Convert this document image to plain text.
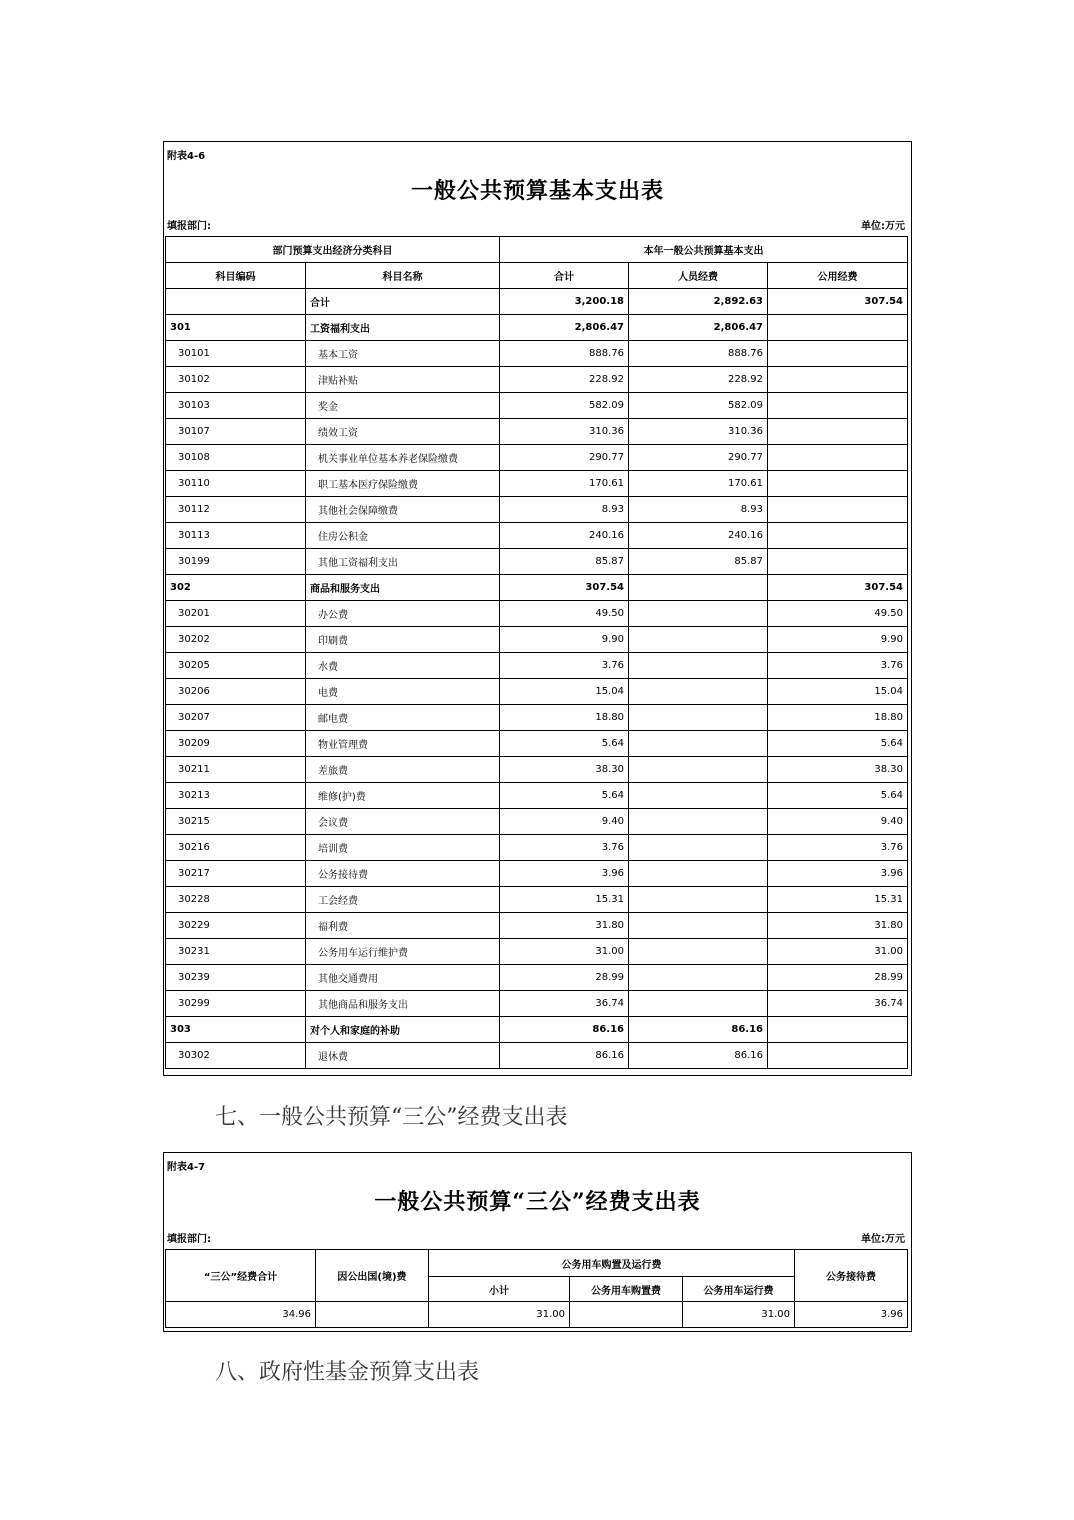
附表4-6
一般公共预算基本支出表
填报部门:	单位:万元
部门预算支出经济分类科目		本年一般公共预算基本支出		
科目编码	科目名称	合计	人员经费	公用经费
	合计	3,200.18	2,892.63	307.54
301	工资福利支出	2,806.47	2,806.47	
30101	基本工资	888.76	888.76	
30102	津贴补贴	228.92	228.92	
30103	奖金	582.09	582.09	
30107	绩效工资	310.36	310.36	
30108	机关事业单位基本养老保险缴费	290.77	290.77	
30110	职工基本医疗保险缴费	170.61	170.61	
30112	其他社会保障缴费	8.93	8.93	
30113	住房公积金	240.16	240.16	
30199	其他工资福利支出	85.87	85.87	
302	商品和服务支出	307.54		307.54
30201	办公费	49.50		49.50
30202	印刷费	9.90		9.90
30205	水费	3.76		3.76
30206	电费	15.04		15.04
30207	邮电费	18.80		18.80
30209	物业管理费	5.64		5.64
30211	差旅费	38.30		38.30
30213	维修(护)费	5.64		5.64
30215	会议费	9.40		9.40
30216	培训费	3.76		3.76
30217	公务接待费	3.96		3.96
30228	工会经费	15.31		15.31
30229	福利费	31.80		31.80
30231	公务用车运行维护费	31.00		31.00
30239	其他交通费用	28.99		28.99
30299	其他商品和服务支出	36.74		36.74
303	对个人和家庭的补助	86.16	86.16	
30302	退休费	86.16	86.16	
七、一般公共预算“三公”经费支出表
附表4-7
一般公共预算“三公”经费支出表
填报部门:	单位:万元
“三公”经费合计	因公出国(境)费	公务用车购置及运行费			公务接待费
		小计	公务用车购置费	公务用车运行费	
34.96		31.00		31.00	3.96
八、政府性基金预算支出表
